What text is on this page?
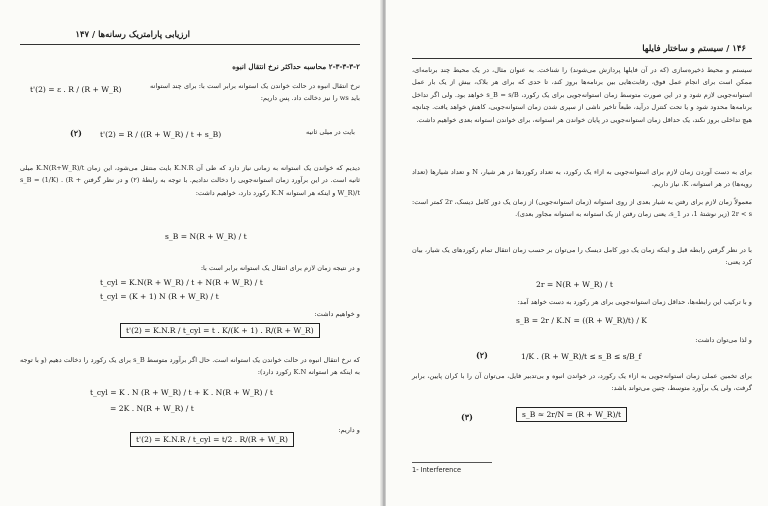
ارزیابی پارامتریک رسانه‌ها / ۱۴۷
۲-۳-۳-۳-۲ محاسبه حداکثر نرخ انتقال انبوه
t'(2) = ε . R / (R + W_R)	نرخ انتقال انبوه در حالت خواندن یک استوانه برابر است با: برای چند استوانه باید ws را نیز دخالت داد. پس داریم:
(۲) t'(2) = R / ((R + W_R) / t + s_B)	بایت در میلی ثانیه
دیدیم که خواندن یک استوانه به زمانی نیاز دارد که طی آن K.N.R بایت منتقل می‌شود، این زمان K.N(R+W_R)/t میلی ثانیه است. در این برآورد زمان استوانه‌جویی را دخالت ندادیم. با توجه به رابطهٔ (۲) و در نظر گرفتن s_B = (1/K) . (R + W_R)/t و اینکه هر استوانه K.N رکورد دارد، خواهیم داشت:
s_B = N(R + W_R) / t
و در نتیجه زمان لازم برای انتقال یک استوانه برابر است با:
t_cyl = K.N(R + W_R) / t + N(R + W_R) / t
t_cyl = (K + 1) N (R + W_R) / t
و خواهیم داشت:
t'(2) = K.N.R / t_cyl = t . K/(K + 1) . R/(R + W_R)
که نرخ انتقال انبوه در حالت خواندن یک استوانه است. حال اگر برآورد متوسط s_B برای یک رکورد را دخالت دهیم (و با توجه به اینکه هر استوانه K.N رکورد دارد):
t_cyl = K . N (R + W_R) / t + K . N(R + W_R) / t
= 2K . N(R + W_R) / t
و داریم:
t'(2) = K.N.R / t_cyl = t/2 . R/(R + W_R)
۱۴۶ / سیستم و ساختار فایلها
سیستم و محیط ذخیره‌سازی (که در آن فایلها پردازش می‌شوند) را شناخت. به عنوان مثال، در یک محیط چند برنامه‌ای، ممکن است برای انجام عمل فوق، رقابت‌هایی بین برنامه‌ها بروز کند، تا حدی که برای هر بلاک، بیش از یک بار عمل استوانه‌جویی لازم شود و در این صورت متوسط زمان استوانه‌جویی برای یک رکورد، s_B = s/B خواهد بود. ولی اگر تداخل برنامه‌ها محدود شود و یا تحت کنترل درآید، طبعاً تاخیر ناشی از سپری شدن زمان استوانه‌جویی، کاهش خواهد یافت. چنانچه هیچ تداخلی بروز نکند، یک حداقل زمان استوانه‌جویی در پایان خواندن هر استوانه، برای خواندن استوانه بعدی خواهیم داشت.
برای به دست آوردن زمان لازم برای استوانه‌جویی به ازاء یک رکورد، به تعداد رکوردها در هر شیار، N و تعداد شیارها (تعداد رویه‌ها) در هر استوانه، K، نیاز داریم.
معمولاً زمان لازم برای رفتن به شیار بعدی از روی استوانه (زمان استوانه‌جویی) از زمان یک دور کامل دیسک، 2r کمتر است: 2r < s (زیر نوشتهٔ 1، در s_1، یعنی زمان رفتن از یک استوانه به استوانه مجاور بعدی).
با در نظر گرفتن رابطه قبل و اینکه زمان یک دور کامل دیسک را می‌توان بر حسب زمان انتقال تمام رکوردهای یک شیار، بیان کرد یعنی:
2r = N(R + W_R) / t
و با ترکیب این رابطه‌ها، حداقل زمان استوانه‌جویی برای هر رکورد به دست خواهد آمد:
s_B = 2r / K.N = ((R + W_R)/t) / K
و لذا می‌توان داشت:
(۲)	1/K . (R + W_R)/t ≤ s_B ≤ s/B_f
برای تخمین عملی زمان استوانه‌جویی به ازاء یک رکورد، در خواندن انبوه و بی‌تدبیر فایل، می‌توان آن را با کران پایین، برابر گرفت، ولی یک برآورد متوسط، چنین می‌تواند باشد:
(۳)	s_B ≈ 2r/N = (R + W_R)/t
1- Interference
